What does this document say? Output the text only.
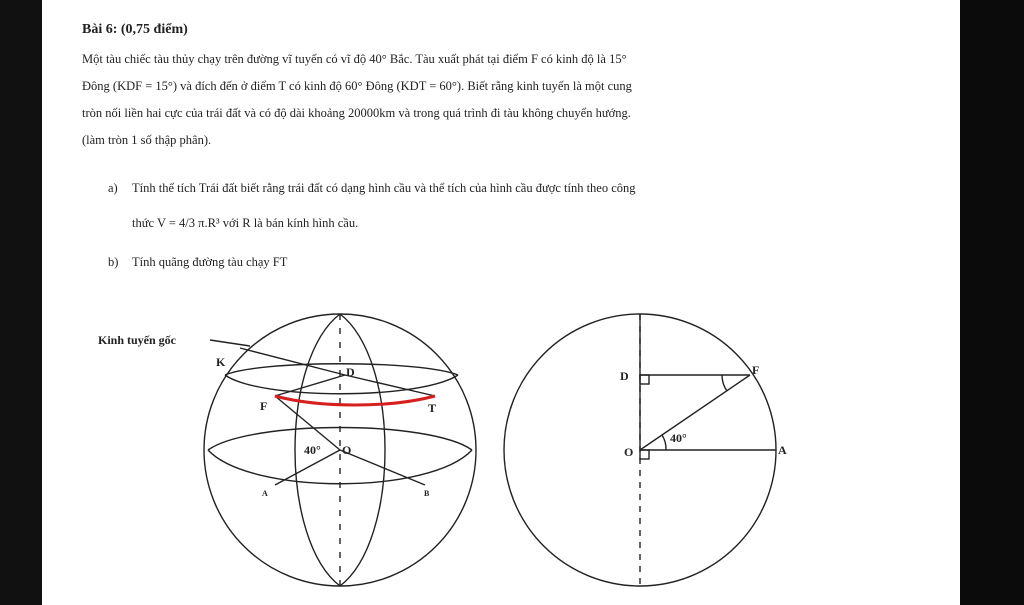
Bài 6: (0,75 điểm)
Một tàu chiếc tàu thủy chạy trên đường vĩ tuyến có vĩ độ 40° Bắc. Tàu xuất phát tại điểm F có kinh độ là 15°
Đông (KDF = 15°) và đích đến ở điểm T có kinh độ 60° Đông (KDT = 60°). Biết rằng kinh tuyến là một cung
tròn nối liền hai cực của trái đất và có độ dài khoảng 20000km và trong quá trình đi tàu không chuyển hướng.
(làm tròn 1 số thập phân).
a) Tính thể tích Trái đất biết rằng trái đất có dạng hình cầu và thể tích của hình cầu được tính theo công
thức V = 4/3 π.R³ với R là bán kính hình cầu.
b) Tính quãng đường tàu chạy FT
Kinh tuyến gốc
K
D
F	T
40° O
A	B
D	F
O	A
40°
